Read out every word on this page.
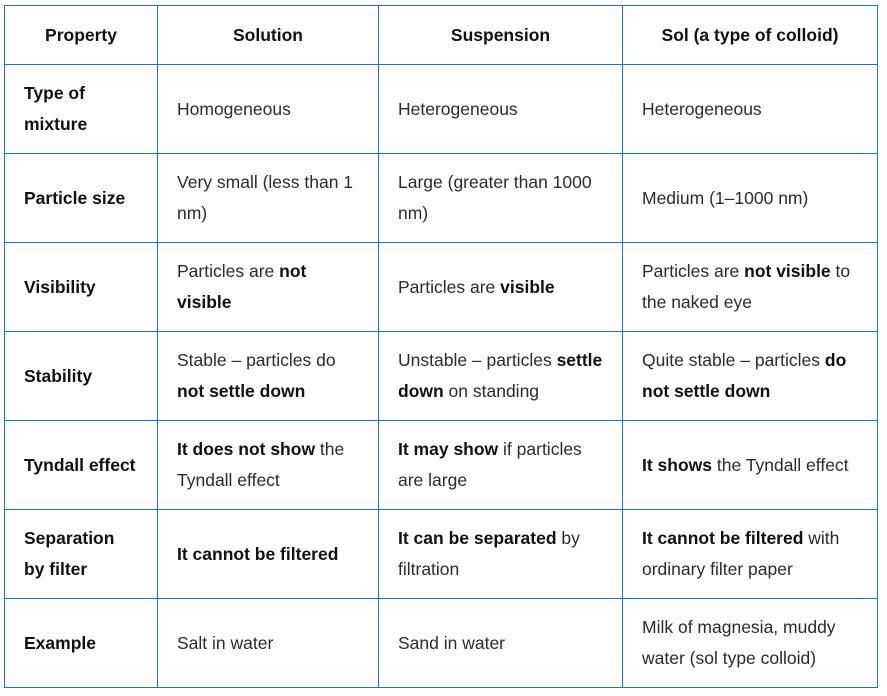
Property	Solution	Suspension	Sol (a type of colloid)
Type of mixture	Homogeneous	Heterogeneous	Heterogeneous
Particle size	Very small (less than 1 nm)	Large (greater than 1000 nm)	Medium (1–1000 nm)
Visibility	Particles are not visible	Particles are visible	Particles are not visible to the naked eye
Stability	Stable – particles do not settle down	Unstable – particles settle down on standing	Quite stable – particles do not settle down
Tyndall effect	It does not show the Tyndall effect	It may show if particles are large	It shows the Tyndall effect
Separation by filter	It cannot be filtered	It can be separated by filtration	It cannot be filtered with ordinary filter paper
Example	Salt in water	Sand in water	Milk of magnesia, muddy water (sol type colloid)
